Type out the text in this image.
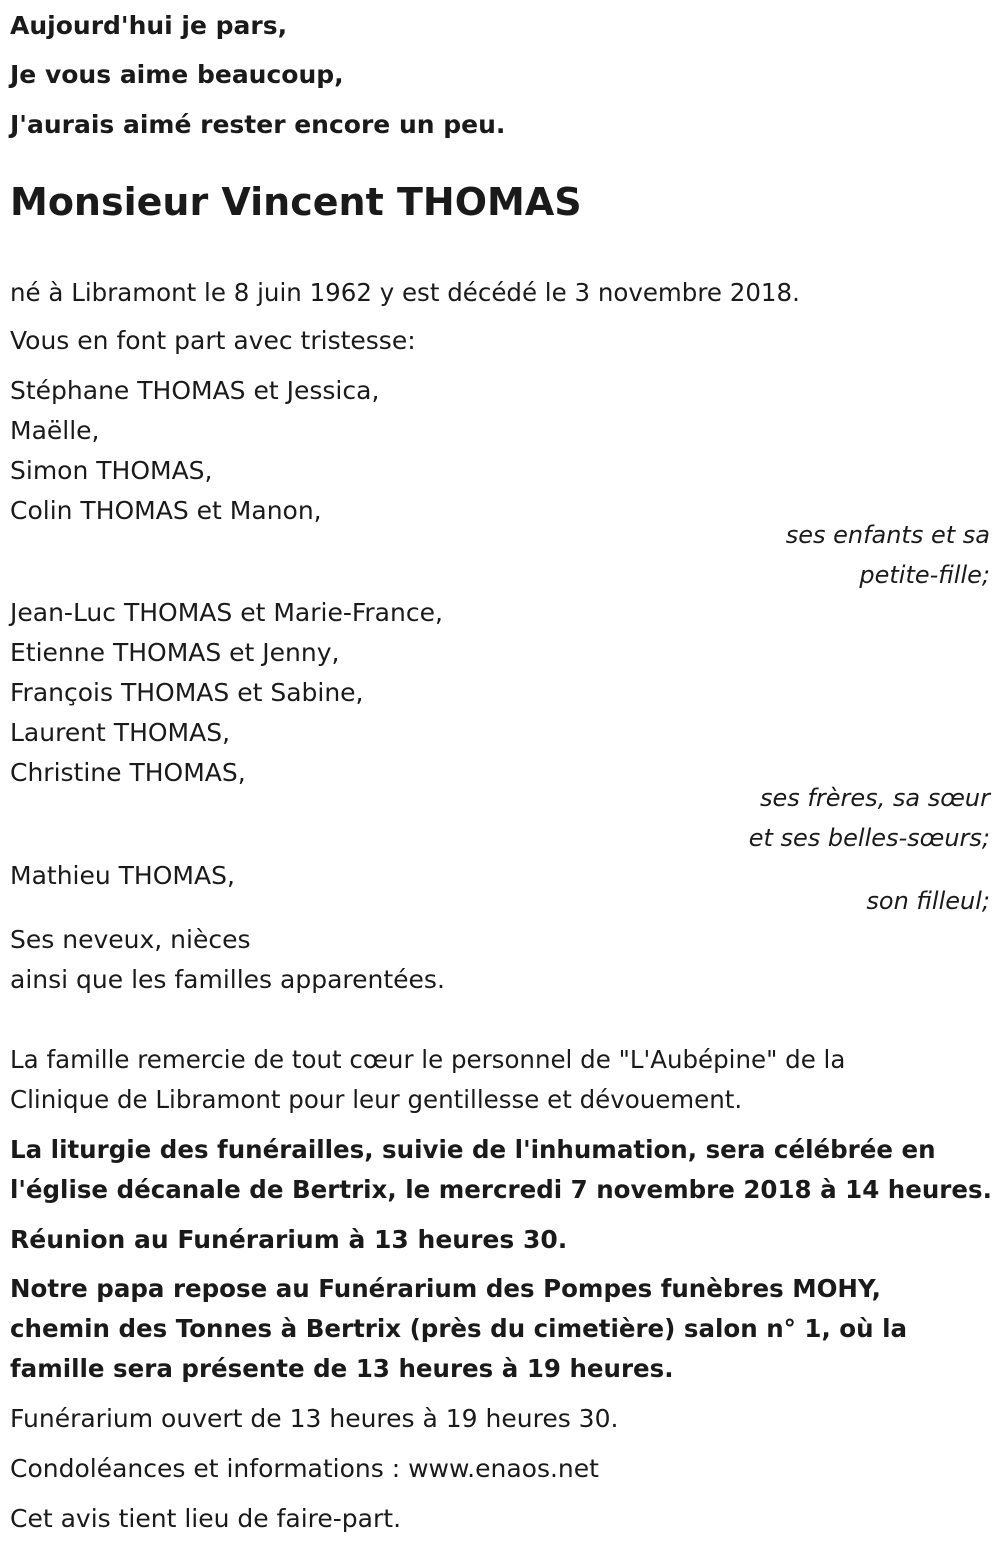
Aujourd'hui je pars,
Je vous aime beaucoup,
J'aurais aimé rester encore un peu.
Monsieur Vincent THOMAS
né à Libramont le 8 juin 1962 y est décédé le 3 novembre 2018.
Vous en font part avec tristesse:
Stéphane THOMAS et Jessica,
Maëlle,
Simon THOMAS,
Colin THOMAS et Manon,
ses enfants et sa
petite-fille;
Jean-Luc THOMAS et Marie-France,
Etienne THOMAS et Jenny,
François THOMAS et Sabine,
Laurent THOMAS,
Christine THOMAS,
ses frères, sa sœur
et ses belles-sœurs;
Mathieu THOMAS,
son filleul;
Ses neveux, nièces
ainsi que les familles apparentées.
La famille remercie de tout cœur le personnel de "L'Aubépine" de la
Clinique de Libramont pour leur gentillesse et dévouement.
La liturgie des funérailles, suivie de l'inhumation, sera célébrée en
l'église décanale de Bertrix, le mercredi 7 novembre 2018 à 14 heures.
Réunion au Funérarium à 13 heures 30.
Notre papa repose au Funérarium des Pompes funèbres MOHY,
chemin des Tonnes à Bertrix (près du cimetière) salon n° 1, où la
famille sera présente de 13 heures à 19 heures.
Funérarium ouvert de 13 heures à 19 heures 30.
Condoléances et informations : www.enaos.net
Cet avis tient lieu de faire-part.
